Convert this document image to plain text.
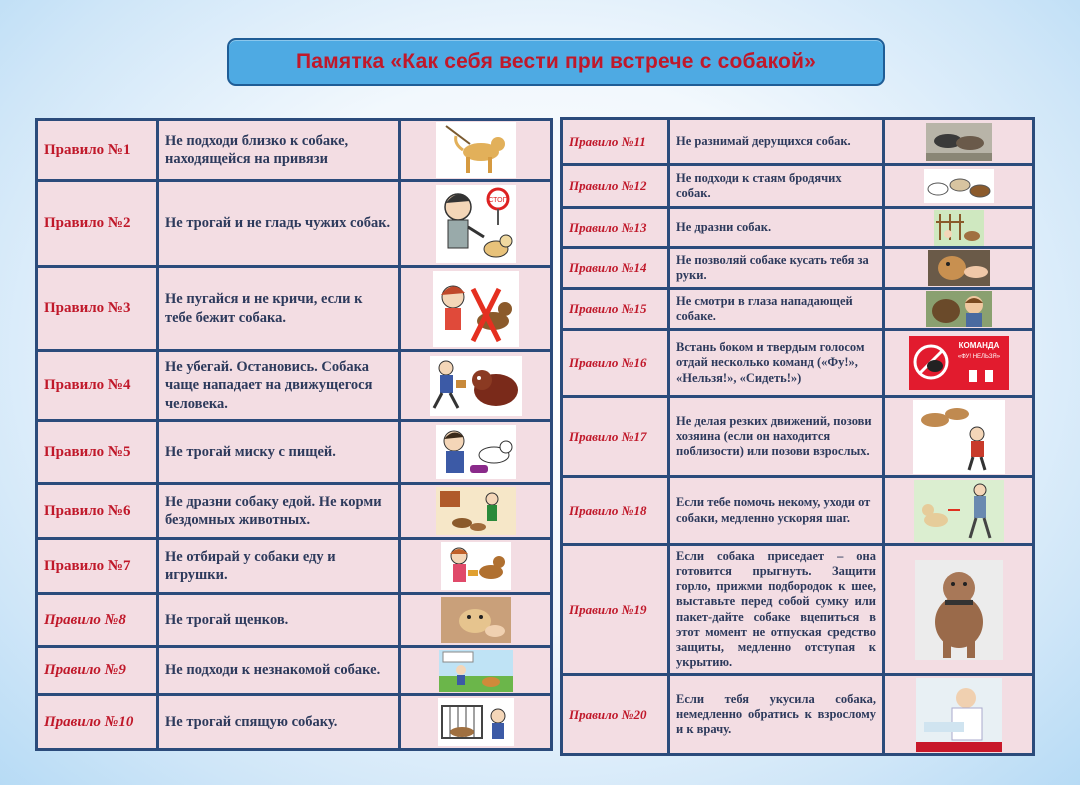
Памятка «Как себя вести при встрече с собакой»
Правило №1	Не подходи близко к собаке, находящейся на привязи	

Правило №2	Не трогай и не гладь чужих собак.	СТОП

Правило №3	Не пугайся и не кричи, если к тебе бежит собака.	

Правило №4	Не убегай. Остановись. Собака чаще нападает на движущегося человека.	

Правило №5	Не трогай миску с пищей.	

Правило №6	Не дразни собаку едой. Не корми бездомных животных.	

Правило №7	Не отбирай у собаки еду и игрушки.	

Правило №8	Не трогай щенков.	

Правило №9	Не подходи к незнакомой собаке.	

Правило №10	Не трогай спящую собаку.	
Правило №11	Не разнимай дерущихся собак.	

Правило №12	Не подходи к стаям бродячих собак.	

Правило №13	Не дразни собак.	

Правило №14	Не позволяй собаке кусать тебя за руки.	

Правило №15	Не смотри в глаза нападающей собаке.	

Правило №16	Встань боком и твердым голосом отдай несколько команд («Фу!», «Нельзя!», «Сидеть!»)	КОМАНДА
«ФУ! НЕЛЬЗЯ»

Правило №17	Не делая резких движений, позови хозяина (если он находится поблизости) или позови взрослых.	

Правило №18	Если тебе помочь некому, уходи от собаки, медленно ускоряя шаг.	

Правило №19	Если собака приседает – она готовится прыгнуть. Защити горло, прижми подбородок к шее, выставьте перед собой сумку или пакет-дайте собаке вцепиться в этот момент не отпуская средство защиты, медленно отступая к укрытию.	

Правило №20	Если тебя укусила собака, немедленно обратись к взрослому и к врачу.	
